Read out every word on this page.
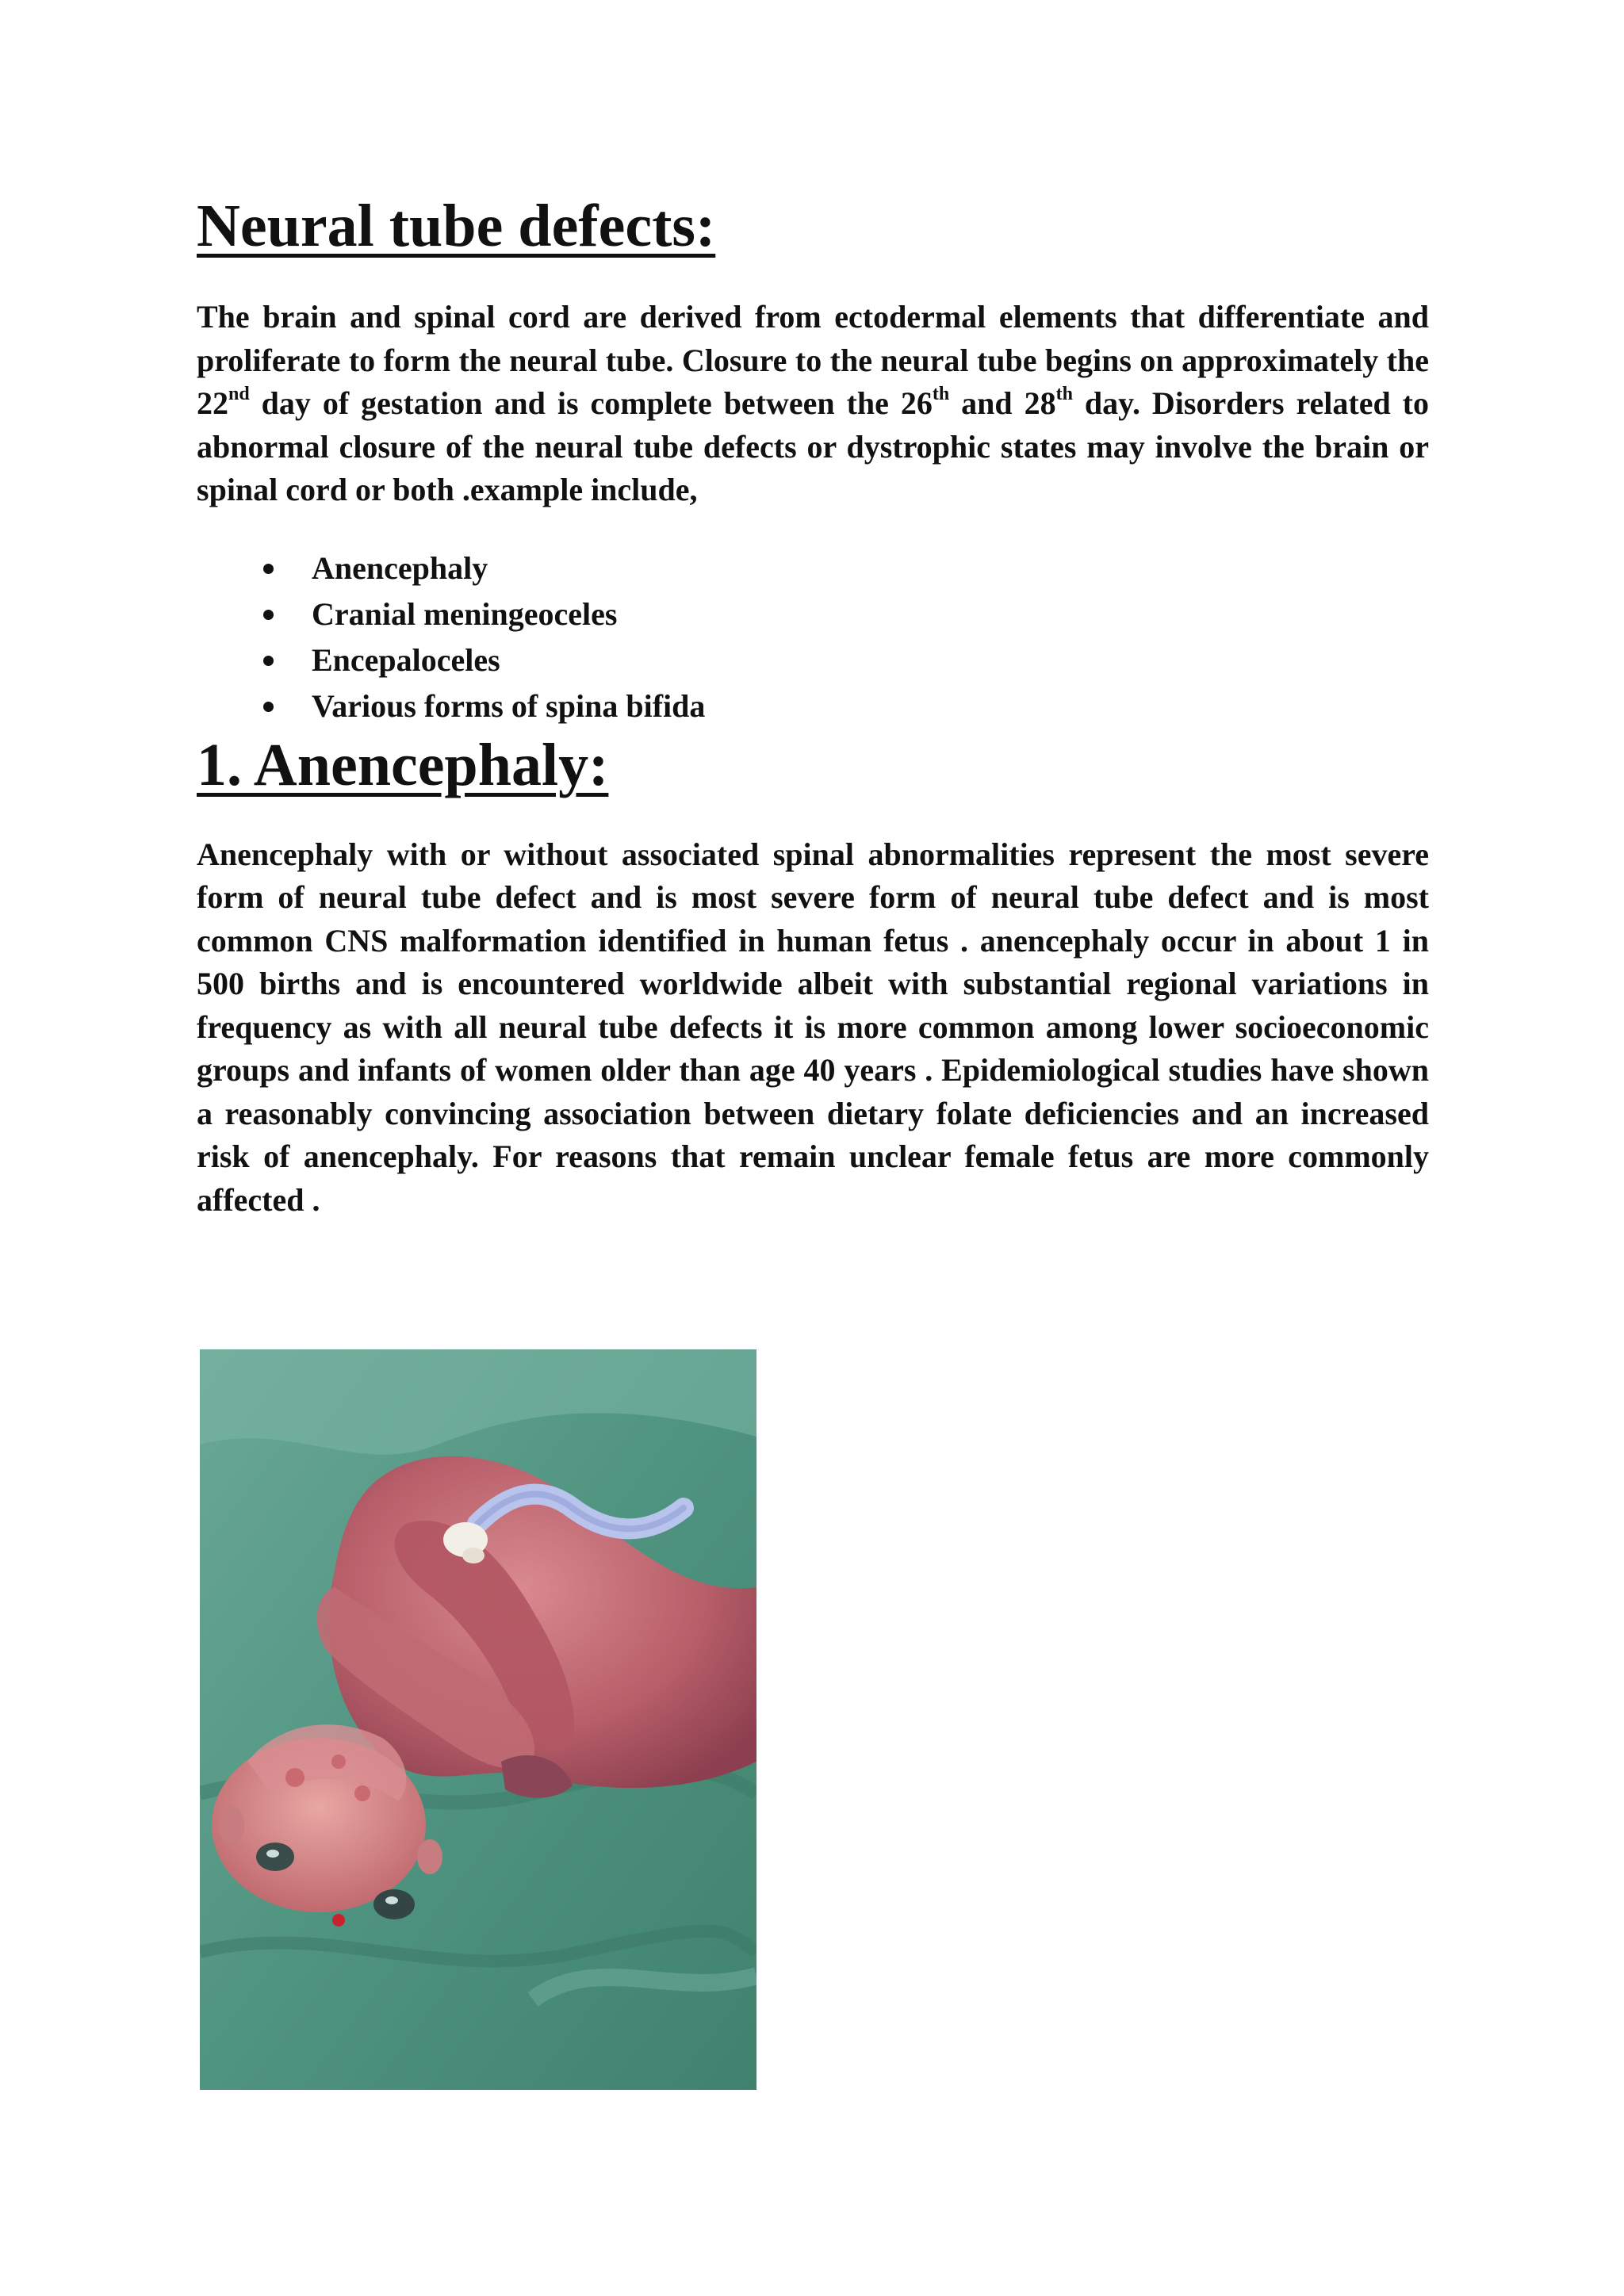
Neural tube defects:

The brain and spinal cord are derived from ectodermal elements that differentiate and proliferate to form the neural tube. Closure to the neural tube begins on approximately the 22nd day of gestation and is complete between the 26th and 28th day. Disorders related to abnormal closure of the neural tube defects or dystrophic states may involve the brain or spinal cord or both .example include,

Anencephaly
Cranial meningeoceles
Encepaloceles
Various forms of spina bifida
1. Anencephaly:

Anencephaly with or without associated spinal abnormalities represent the most severe form of neural tube defect and is most severe form of neural tube defect and is most common CNS malformation identified in human fetus . anencephaly occur in about 1 in 500 births and is encountered worldwide albeit with substantial regional variations in frequency as with all neural tube defects it is more common among lower socioeconomic groups and infants of women older than age 40 years . Epidemiological studies have shown a reasonably convincing association between dietary folate deficiencies and an increased risk of anencephaly. For reasons that remain unclear female fetus are more commonly affected .
